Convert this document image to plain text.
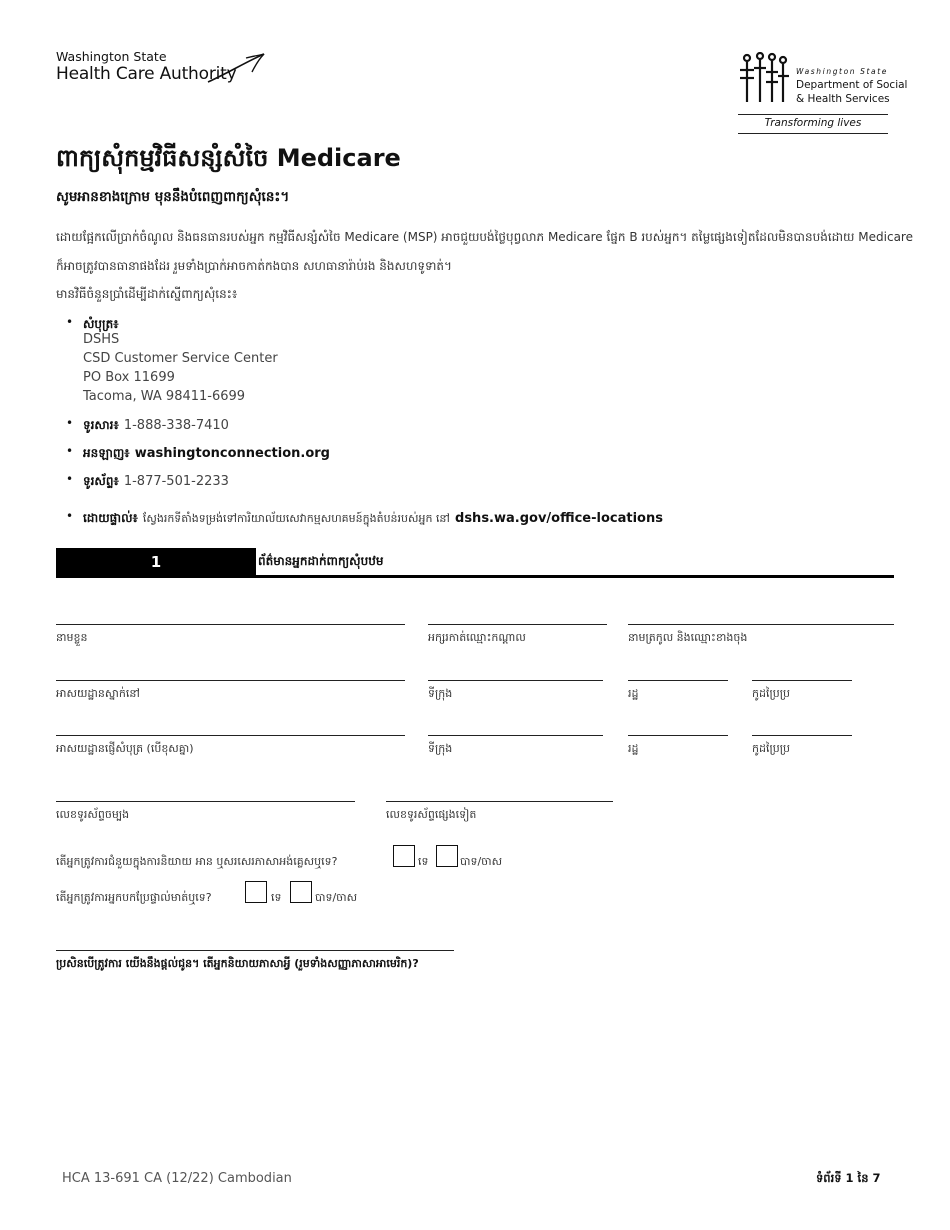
Washington State
Health Care Authority	Washington State
Department of Social
& Health Services
Transforming lives
ពាក្យសុំកម្មវិធីសន្សំសំចៃ Medicare
សូមអានខាងក្រោម មុននឹងបំពេញពាក្យសុំនេះ។
ដោយផ្អែកលើប្រាក់ចំណូល និងធនធានរបស់អ្នក កម្មវិធីសន្សំសំចៃ Medicare (MSP) អាចជួយបង់ថ្លៃបុព្វលាភ Medicare ផ្នែក B របស់អ្នក។ តម្លៃផ្សេងទៀតដែលមិនបានបង់ដោយ Medicare
ក៏អាចត្រូវបានធានាផងដែរ រួមទាំងប្រាក់អាចកាត់កងបាន សហធានារ៉ាប់រង និងសហទូទាត់។
មានវិធីចំនួនប្រាំដើម្បីដាក់ស្នើពាក្យសុំនេះ៖
• សំបុត្រ៖
DSHS
CSD Customer Service Center
PO Box 11699
Tacoma, WA 98411-6699
• ទូរសារ៖ 1-888-338-7410
• អនឡាញ៖ washingtonconnection.org
• ទូរស័ព្ទ៖ 1-877-501-2233
• ដោយផ្ទាល់៖ ស្វែងរកទីតាំងទម្រង់ទៅការិយាល័យសេវាកម្មសហគមន៍ក្នុងតំបន់របស់អ្នក នៅ dshs.wa.gov/office-locations
1	ព័ត៌មានអ្នកដាក់ពាក្យសុំបឋម
នាមខ្លួន	អក្សរកាត់ឈ្មោះកណ្តាល	នាមត្រកូល និងឈ្មោះខាងចុង
អាសយដ្ឋានស្នាក់នៅ	ទីក្រុង	រដ្ឋ	កូដប្រៃប្រ
អាសយដ្ឋានផ្ញើសំបុត្រ (បើខុសគ្នា)	ទីក្រុង	រដ្ឋ	កូដប្រៃប្រ
លេខទូរស័ព្ទចម្បង	លេខទូរស័ព្ទផ្សេងទៀត
តើអ្នកត្រូវការជំនួយក្នុងការនិយាយ អាន ឬសរសេរភាសាអង់គ្លេសឬទេ?	ទេ	បាទ/ចាស
តើអ្នកត្រូវការអ្នកបកប្រែផ្ទាល់មាត់ឬទេ?	ទេ	បាទ/ចាស
ប្រសិនបើត្រូវការ យើងនឹងផ្តល់ជូន។ តើអ្នកនិយាយភាសាអ្វី (រួមទាំងសញ្ញាភាសាអាមេរិក)?
HCA 13-691 CA (12/22) Cambodian	ទំព័រទី 1 នៃ 7
